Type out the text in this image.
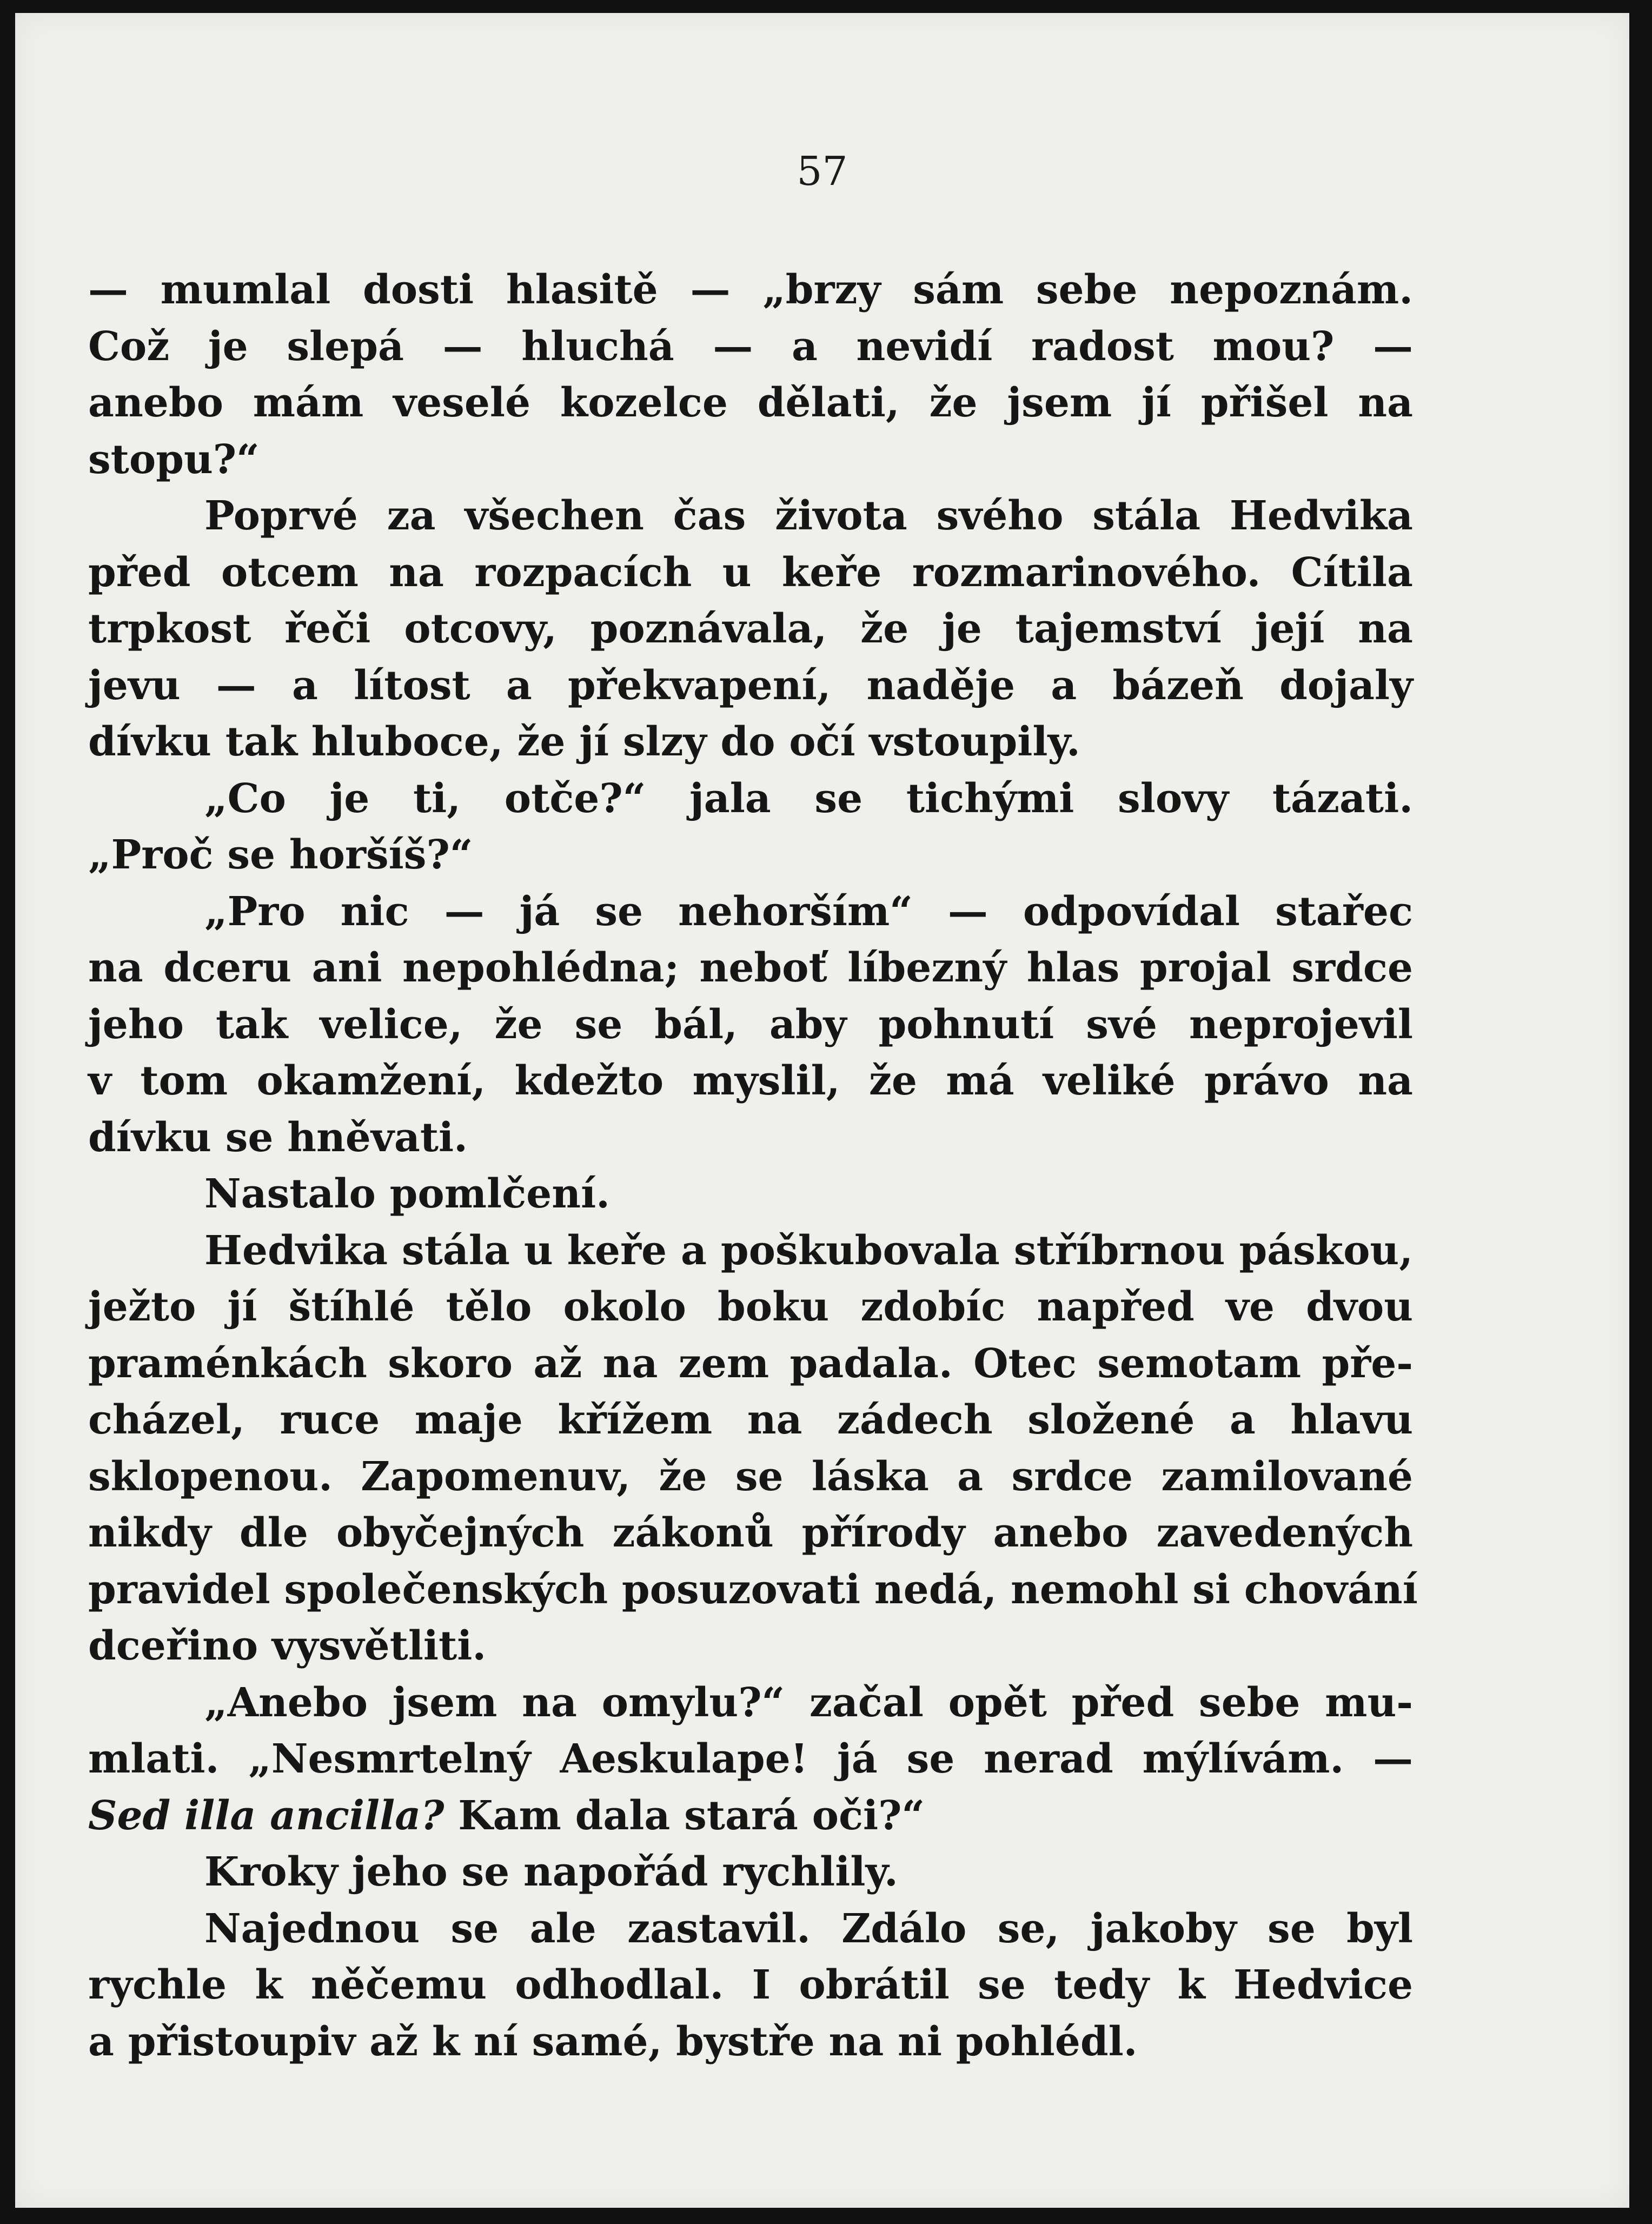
57
— mumlal dosti hlasitě — „brzy sám sebe nepoznám.
Což je slepá — hluchá — a nevidí radost mou? —
anebo mám veselé kozelce dělati, že jsem jí přišel na
stopu?“
Poprvé za všechen čas života svého stála Hedvika
před otcem na rozpacích u keře rozmarinového. Cítila
trpkost řeči otcovy, poznávala, že je tajemství její na
jevu — a lítost a překvapení, naděje a bázeň dojaly
dívku tak hluboce, že jí slzy do očí vstoupily.
„Co je ti, otče?“ jala se tichými slovy tázati.
„Proč se horšíš?“
„Pro nic — já se nehorším“ — odpovídal stařec
na dceru ani nepohlédna; neboť líbezný hlas projal srdce
jeho tak velice, že se bál, aby pohnutí své neprojevil
v tom okamžení, kdežto myslil, že má veliké právo na
dívku se hněvati.
Nastalo pomlčení.
Hedvika stála u keře a poškubovala stříbrnou páskou,
ježto jí štíhlé tělo okolo boku zdobíc napřed ve dvou
praménkách skoro až na zem padala. Otec semotam pře-
cházel, ruce maje křížem na zádech složené a hlavu
sklopenou. Zapomenuv, že se láska a srdce zamilované
nikdy dle obyčejných zákonů přírody anebo zavedených
pravidel společenských posuzovati nedá, nemohl si chování
dceřino vysvětliti.
„Anebo jsem na omylu?“ začal opět před sebe mu-
mlati. „Nesmrtelný Aeskulape! já se nerad mýlívám. —
Sed illa ancilla? Kam dala stará oči?“
Kroky jeho se napořád rychlily.
Najednou se ale zastavil. Zdálo se, jakoby se byl
rychle k něčemu odhodlal. I obrátil se tedy k Hedvice
a přistoupiv až k ní samé, bystře na ni pohlédl.
